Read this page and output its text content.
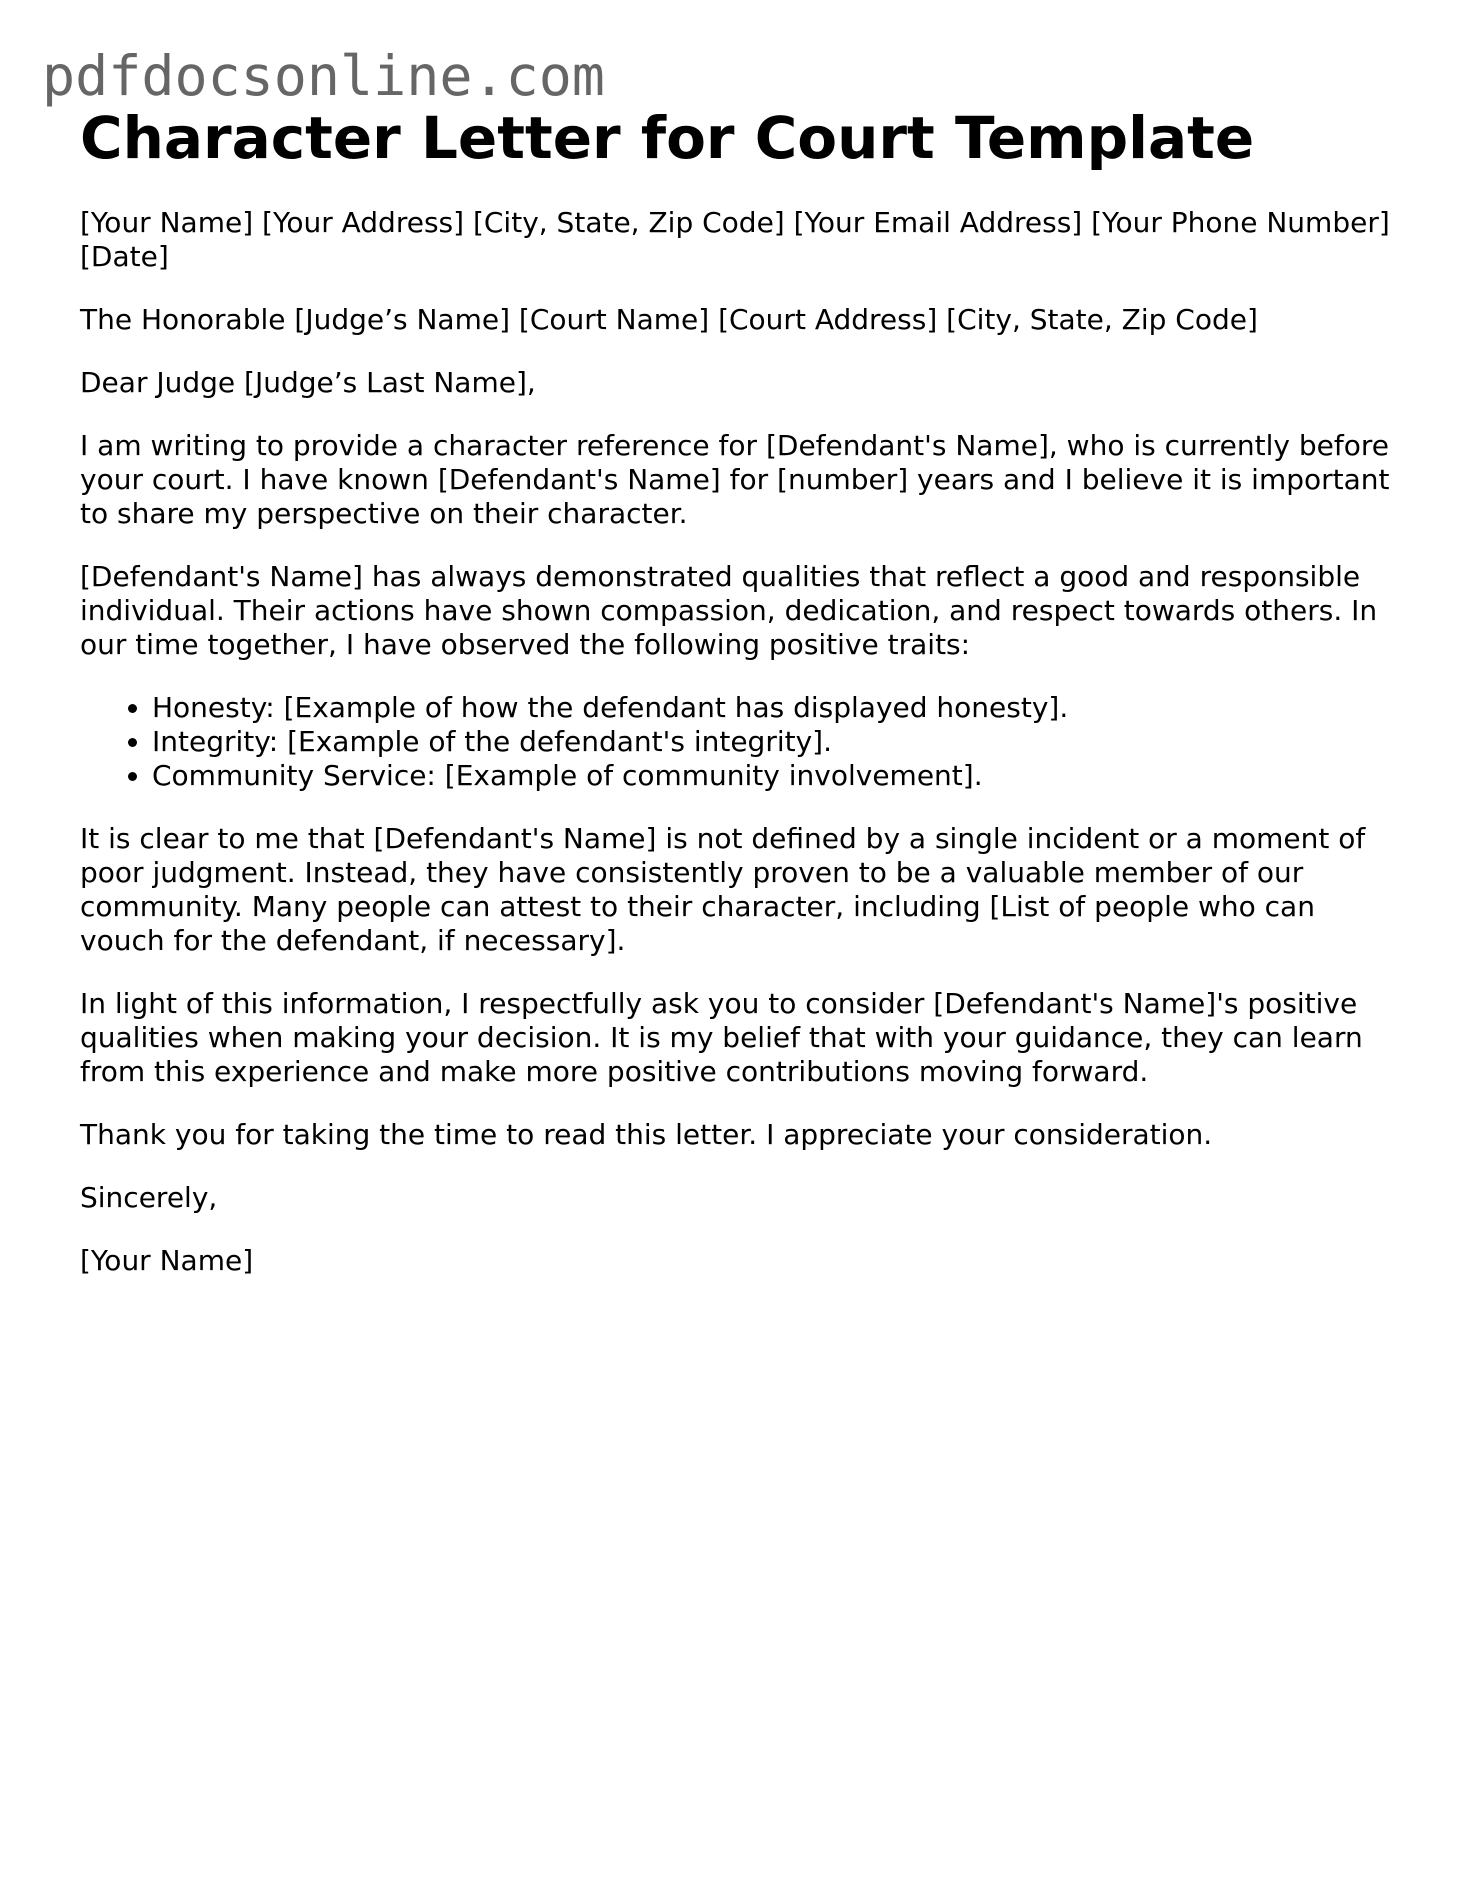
pdfdocsonline.com
Character Letter for Court Template

[Your Name] [Your Address] [City, State, Zip Code] [Your Email Address] [Your Phone Number] [Date]

The Honorable [Judge’s Name] [Court Name] [Court Address] [City, State, Zip Code]

Dear Judge [Judge’s Last Name],

I am writing to provide a character reference for [Defendant's Name], who is currently before your court. I have known [Defendant's Name] for [number] years and I believe it is important to share my perspective on their character.

[Defendant's Name] has always demonstrated qualities that reflect a good and responsible individual. Their actions have shown compassion, dedication, and respect towards others. In our time together, I have observed the following positive traits:

• Honesty: [Example of how the defendant has displayed honesty].
• Integrity: [Example of the defendant's integrity].
• Community Service: [Example of community involvement].

It is clear to me that [Defendant's Name] is not defined by a single incident or a moment of poor judgment. Instead, they have consistently proven to be a valuable member of our community. Many people can attest to their character, including [List of people who can vouch for the defendant, if necessary].

In light of this information, I respectfully ask you to consider [Defendant's Name]'s positive qualities when making your decision. It is my belief that with your guidance, they can learn from this experience and make more positive contributions moving forward.

Thank you for taking the time to read this letter. I appreciate your consideration.

Sincerely,

[Your Name]
